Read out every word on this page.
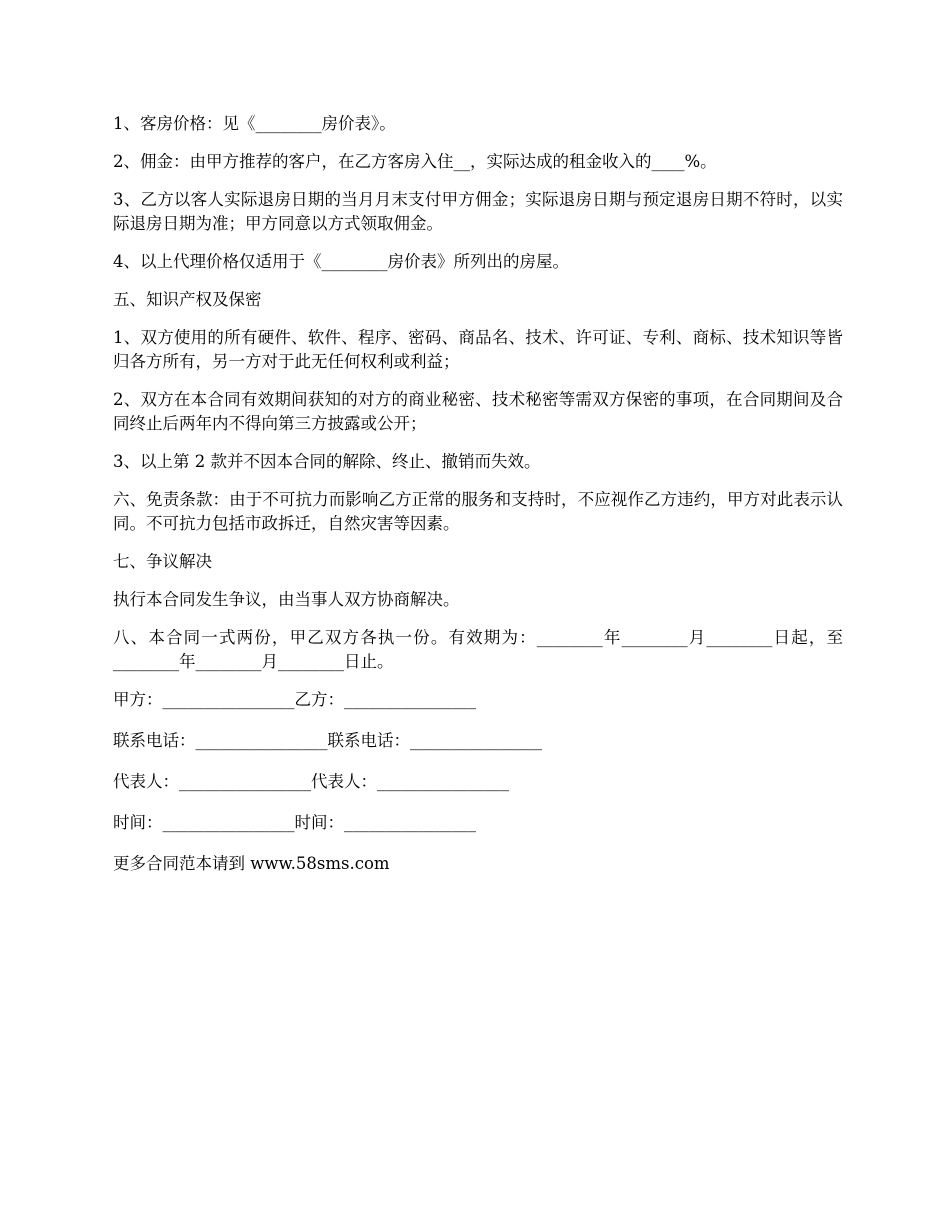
1、客房价格：见《________房价表》。

2、佣金：由甲方推荐的客户，在乙方客房入住__，实际达成的租金收入的____%。

3、乙方以客人实际退房日期的当月月末支付甲方佣金；实际退房日期与预定退房日期不符时，以实际退房日期为准；甲方同意以方式领取佣金。

4、以上代理价格仅适用于《________房价表》所列出的房屋。

五、知识产权及保密

1、双方使用的所有硬件、软件、程序、密码、商品名、技术、许可证、专利、商标、技术知识等皆归各方所有，另一方对于此无任何权利或利益；

2、双方在本合同有效期间获知的对方的商业秘密、技术秘密等需双方保密的事项，在合同期间及合同终止后两年内不得向第三方披露或公开；

3、以上第 2 款并不因本合同的解除、终止、撤销而失效。

六、免责条款：由于不可抗力而影响乙方正常的服务和支持时，不应视作乙方违约，甲方对此表示认同。不可抗力包括市政拆迁，自然灾害等因素。

七、争议解决

执行本合同发生争议，由当事人双方协商解决。

八、本合同一式两份，甲乙双方各执一份。有效期为：________年________月________日起，至________年________月________日止。

甲方：________________乙方：________________
联系电话：________________联系电话：________________
代表人：________________代表人：________________
时间：________________时间：________________

更多合同范本请到 www.58sms.com
